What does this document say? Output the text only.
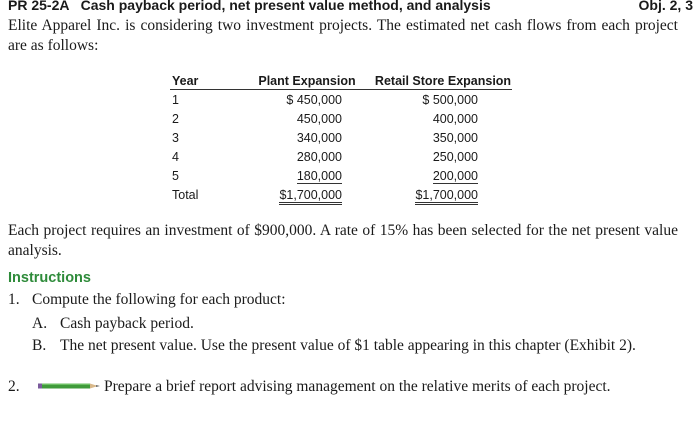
PR 25-2A   Cash payback period, net present value method, and analysis	Obj. 2, 3
Elite Apparel Inc. is considering two investment projects. The estimated net cash flows from each project are as follows:
Year		Plant Expansion		Retail Store Expansion
1		$ 450,000		$ 500,000
2		450,000		400,000
3		340,000		350,000
4		280,000		250,000
5		180,000		200,000
Total		$1,700,000		$1,700,000
Each project requires an investment of $900,000. A rate of 15% has been selected for the net present value analysis.
Instructions
1. Compute the following for each product:
A. Cash payback period.
B. The net present value. Use the present value of $1 table appearing in this chapter (Exhibit 2).
2.	Prepare a brief report advising management on the relative merits of each project.
